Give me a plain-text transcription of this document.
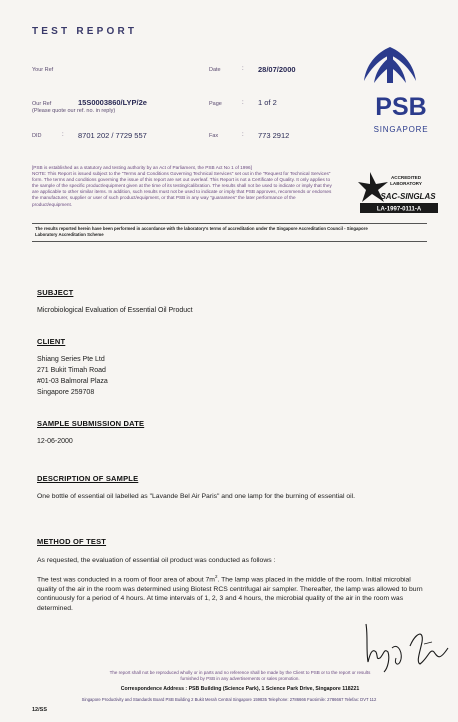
TEST REPORT
Your Ref	Date	: 28/07/2000
Our Ref
(Please quote our ref. no. in reply)
15S0003860/LYP/2e	Page	: 1 of 2
DID	: 8701 202 / 7729 557	Fax	: 773 2912
PSB
SINGAPORE

[PSB is established as a statutory and testing authority by an Act of Parliament, the PSB Act No 1 of 1996]

NOTE: This Report is issued subject to the "Terms and Conditions Governing Technical Services" set out in the "Request for Technical Services" form. The terms and conditions governing the issue of this report are set out overleaf. This Report is not a Certificate of Quality. It only applies to the sample of the specific product/equipment given at the time of its testing/calibration. The results shall not be used to indicate or imply that they are applicable to other similar items. In addition, such results must not be used to indicate or imply that PSB approves, recommends or endorses the manufacturer, supplier or user of such product/equipment, or that PSB in any way "guarantees" the later performance of the product/equipment.

ACCREDITED
LABORATORY
SAC-SINGLAS
LA-1997-0111-A
The results reported herein have been performed in accordance with the laboratory's terms of accreditation under the Singapore Accreditation Council - Singapore Laboratory Accreditation Scheme
SUBJECT
Microbiological Evaluation of Essential Oil Product
CLIENT
Shiang Series Pte Ltd
271 Bukit Timah Road
#01-03 Balmoral Plaza
Singapore 259708
SAMPLE SUBMISSION DATE
12-06-2000
DESCRIPTION OF SAMPLE
One bottle of essential oil labelled as "Lavande Bel Air Paris" and one lamp for the burning of essential oil.
METHOD OF TEST
As requested, the evaluation of essential oil product was conducted as follows :
The test was conducted in a room of floor area of about $7m^2$. The lamp was placed in the middle of the room. Initial microbial quality of the air in the room was determined using Biotest RCS centrifugal air sampler. Thereafter, the lamp was allowed to burn continuously for a period of 4 hours. At time intervals of 1, 2, 3 and 4 hours, the microbial quality of the air in the room was determined.
The report shall not be reproduced wholly or in parts and no reference shall be made by the Client to PSB or to the report or results
furnished by PSB in any advertisements or sales promotion.
Correspondence Address : PSB Building (Science Park), 1 Science Park Drive, Singapore 118221
Singapore Productivity and Standards Board PSB Building 2 Bukit Merah Central Singapore 159835 Telephone: 2786666 Facsimile: 2786667 Telefax: DVT 112
12/SS
